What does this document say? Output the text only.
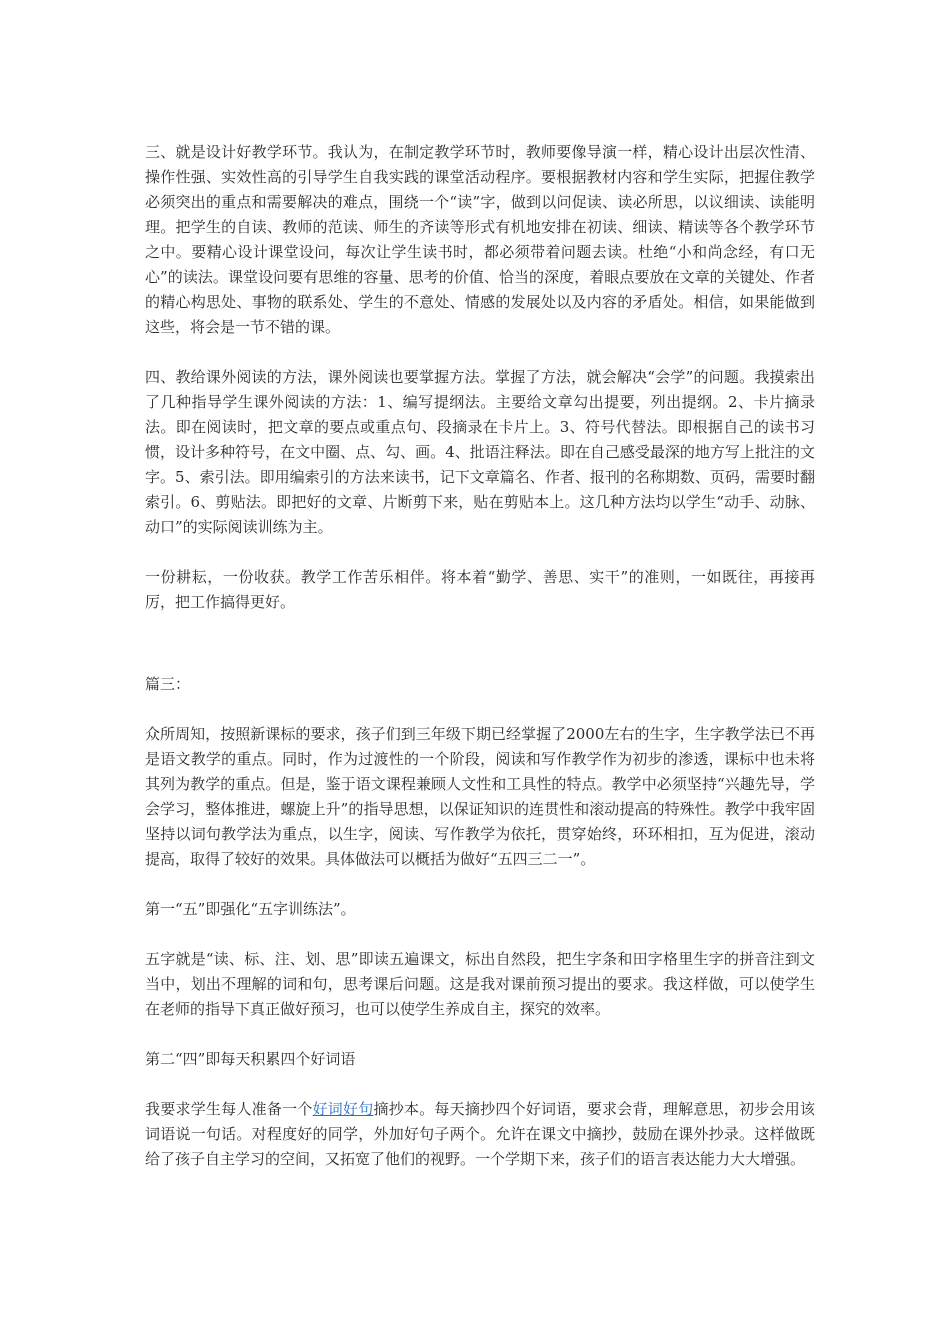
三、就是设计好教学环节。我认为，在制定教学环节时，教师要像导演一样，精心设计出层次性清、操作性强、实效性高的引导学生自我实践的课堂活动程序。要根据教材内容和学生实际，把握住教学必须突出的重点和需要解决的难点，围绕一个“读”字，做到以问促读、读必所思，以议细读、读能明理。把学生的自读、教师的范读、师生的齐读等形式有机地安排在初读、细读、精读等各个教学环节之中。要精心设计课堂设问，每次让学生读书时，都必须带着问题去读。杜绝“小和尚念经，有口无心”的读法。课堂设问要有思维的容量、思考的价值、恰当的深度，着眼点要放在文章的关键处、作者的精心构思处、事物的联系处、学生的不意处、情感的发展处以及内容的矛盾处。相信，如果能做到这些，将会是一节不错的课。

四、教给课外阅读的方法，课外阅读也要掌握方法。掌握了方法，就会解决“会学”的问题。我摸索出了几种指导学生课外阅读的方法：1、编写提纲法。主要给文章勾出提要，列出提纲。2、卡片摘录法。即在阅读时，把文章的要点或重点句、段摘录在卡片上。3、符号代替法。即根据自己的读书习惯，设计多种符号，在文中圈、点、勾、画。4、批语注释法。即在自己感受最深的地方写上批注的文字。5、索引法。即用编索引的方法来读书，记下文章篇名、作者、报刊的名称期数、页码，需要时翻索引。6、剪贴法。即把好的文章、片断剪下来，贴在剪贴本上。这几种方法均以学生“动手、动脉、动口”的实际阅读训练为主。

一份耕耘，一份收获。教学工作苦乐相伴。将本着“勤学、善思、实干”的准则，一如既往，再接再厉，把工作搞得更好。

篇三：

众所周知，按照新课标的要求，孩子们到三年级下期已经掌握了2000左右的生字，生字教学法已不再是语文教学的重点。同时，作为过渡性的一个阶段，阅读和写作教学作为初步的渗透，课标中也未将其列为教学的重点。但是，鉴于语文课程兼顾人文性和工具性的特点。教学中必须坚持“兴趣先导，学会学习，整体推进，螺旋上升”的指导思想，以保证知识的连贯性和滚动提高的特殊性。教学中我牢固坚持以词句教学法为重点，以生字，阅读、写作教学为依托，贯穿始终，环环相扣，互为促进，滚动提高，取得了较好的效果。具体做法可以概括为做好“五四三二一”。

第一“五”即强化“五字训练法”。

五字就是“读、标、注、划、思”即读五遍课文，标出自然段，把生字条和田字格里生字的拼音注到文当中，划出不理解的词和句，思考课后问题。这是我对课前预习提出的要求。我这样做，可以使学生在老师的指导下真正做好预习，也可以使学生养成自主，探究的效率。

第二“四”即每天积累四个好词语

我要求学生每人准备一个好词好句摘抄本。每天摘抄四个好词语，要求会背，理解意思，初步会用该词语说一句话。对程度好的同学，外加好句子两个。允许在课文中摘抄，鼓励在课外抄录。这样做既给了孩子自主学习的空间，又拓宽了他们的视野。一个学期下来，孩子们的语言表达能力大大增强。
